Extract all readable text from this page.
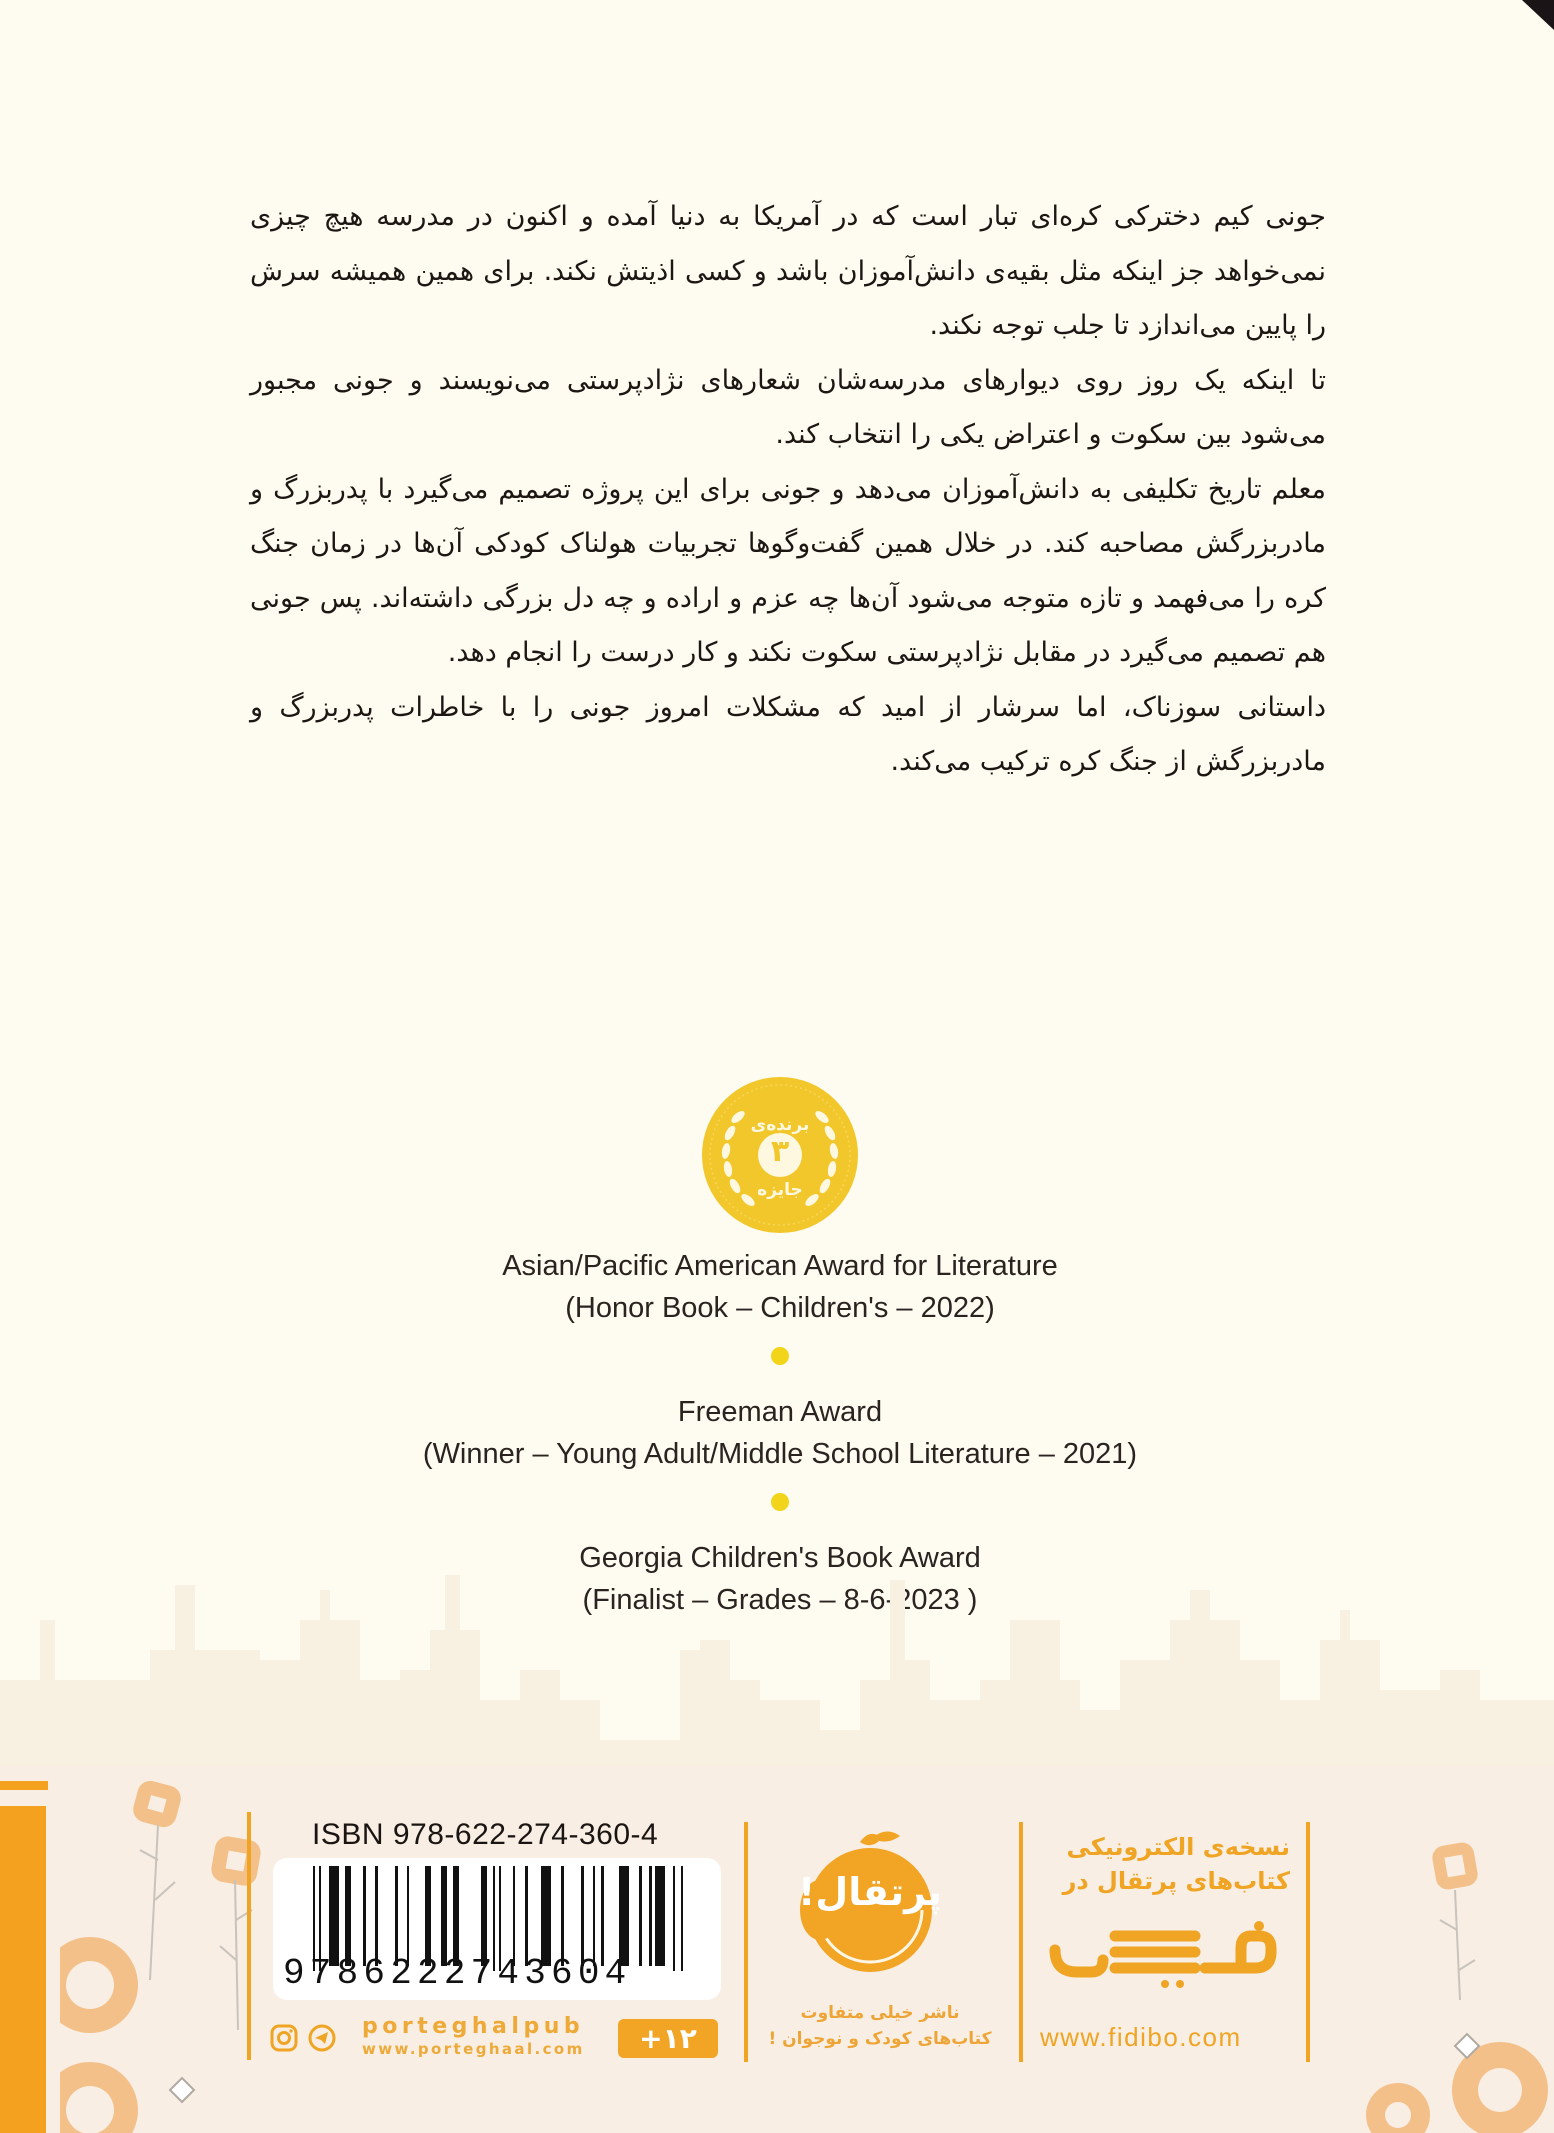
جونی کیم دخترکی کره‌ای تبار است که در آمریکا به دنیا آمده و اکنون در مدرسه هیچ چیزی نمی‌خواهد جز اینکه مثل بقیه‌ی دانش‌آموزان باشد و کسی اذیتش نکند. برای همین همیشه سرش را پایین می‌اندازد تا جلب توجه نکند.

تا اینکه یک روز روی دیوارهای مدرسه‌شان شعارهای نژادپرستی می‌نویسند و جونی مجبور می‌شود بین سکوت و اعتراض یکی را انتخاب کند.

معلم تاریخ تکلیفی به دانش‌آموزان می‌دهد و جونی برای این پروژه تصمیم می‌گیرد با پدربزرگ و مادربزرگش مصاحبه کند. در خلال همین گفت‌وگوها تجربیات هولناک کودکی آن‌ها در زمان جنگ کره را می‌فهمد و تازه متوجه می‌شود آن‌ها چه عزم و اراده و چه دل بزرگی داشته‌اند. پس جونی هم تصمیم می‌گیرد در مقابل نژادپرستی سکوت نکند و کار درست را انجام دهد.

داستانی سوزناک، اما سرشار از امید که مشکلات امروز جونی را با خاطرات پدربزرگ و مادربزرگش از جنگ کره ترکیب می‌کند.

برنده‌ی
۳
جایزه
Asian/Pacific American Award for Literature
(Honor Book – Children's – 2022)
Freeman Award
(Winner – Young Adult/Middle School Literature – 2021)
Georgia Children's Book Award
(Finalist – Grades – 8-6-2023 )
ISBN 978-622-274-360-4
9786222743604
porteghalpub
www.porteghaal.com	+۱۲
پرتقال!
ناشر خیلی متفاوت
کتاب‌های کودک و نوجوان !
نسخه‌ی الکترونیکی
کتاب‌های پرتقال در
www.fidibo.com
